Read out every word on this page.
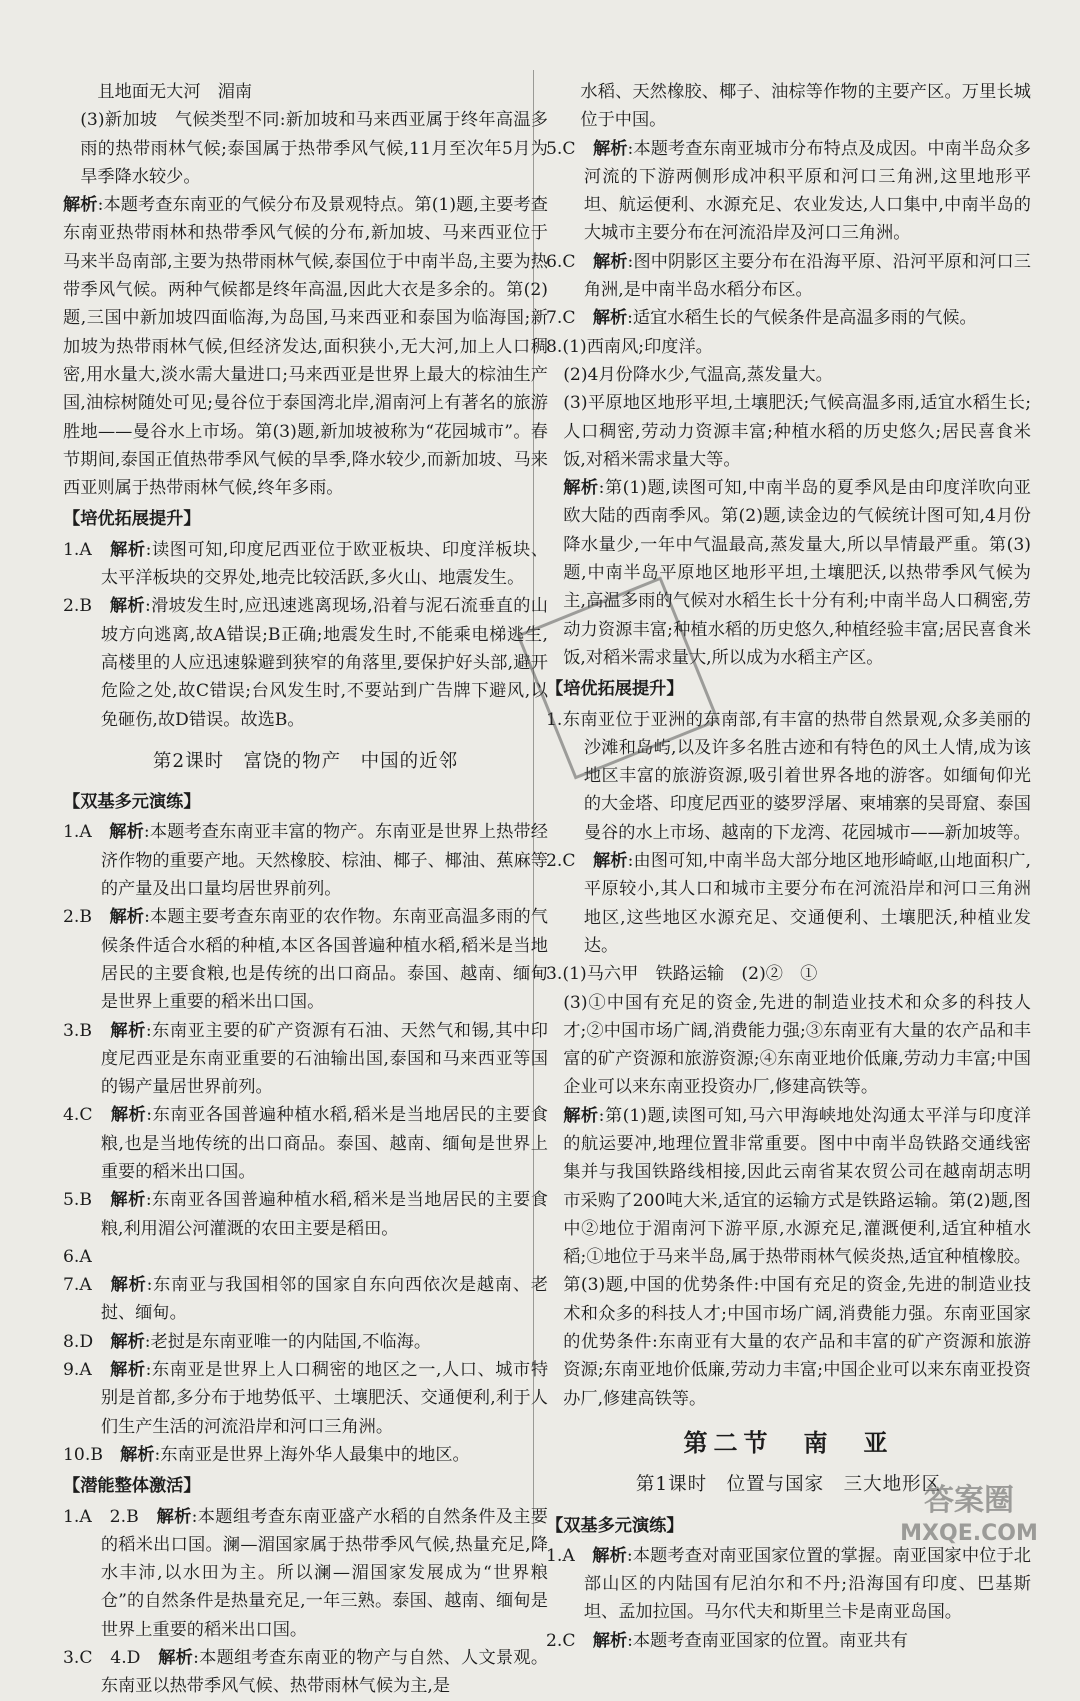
且地面无大河　湄南

(3)新加坡　气候类型不同:新加坡和马来西亚属于终年高温多雨的热带雨林气候;泰国属于热带季风气候,11月至次年5月为旱季降水较少。

解析:本题考查东南亚的气候分布及景观特点。第(1)题,主要考查东南亚热带雨林和热带季风气候的分布,新加坡、马来西亚位于马来半岛南部,主要为热带雨林气候,泰国位于中南半岛,主要为热带季风气候。两种气候都是终年高温,因此大衣是多余的。第(2)题,三国中新加坡四面临海,为岛国,马来西亚和泰国为临海国;新加坡为热带雨林气候,但经济发达,面积狭小,无大河,加上人口稠密,用水量大,淡水需大量进口;马来西亚是世界上最大的棕油生产国,油棕树随处可见;曼谷位于泰国湾北岸,湄南河上有著名的旅游胜地——曼谷水上市场。第(3)题,新加坡被称为“花园城市”。春节期间,泰国正值热带季风气候的旱季,降水较少,而新加坡、马来西亚则属于热带雨林气候,终年多雨。

【培优拓展提升】

1.A　解析:读图可知,印度尼西亚位于欧亚板块、印度洋板块、太平洋板块的交界处,地壳比较活跃,多火山、地震发生。

2.B　解析:滑坡发生时,应迅速逃离现场,沿着与泥石流垂直的山坡方向逃离,故A错误;B正确;地震发生时,不能乘电梯逃生,高楼里的人应迅速躲避到狭窄的角落里,要保护好头部,避开危险之处,故C错误;台风发生时,不要站到广告牌下避风,以免砸伤,故D错误。故选B。

第2课时　富饶的物产　中国的近邻

【双基多元演练】

1.A　解析:本题考查东南亚丰富的物产。东南亚是世界上热带经济作物的重要产地。天然橡胶、棕油、椰子、椰油、蕉麻等的产量及出口量均居世界前列。

2.B　解析:本题主要考查东南亚的农作物。东南亚高温多雨的气候条件适合水稻的种植,本区各国普遍种植水稻,稻米是当地居民的主要食粮,也是传统的出口商品。泰国、越南、缅甸是世界上重要的稻米出口国。

3.B　解析:东南亚主要的矿产资源有石油、天然气和锡,其中印度尼西亚是东南亚重要的石油输出国,泰国和马来西亚等国的锡产量居世界前列。

4.C　解析:东南亚各国普遍种植水稻,稻米是当地居民的主要食粮,也是当地传统的出口商品。泰国、越南、缅甸是世界上重要的稻米出口国。

5.B　解析:东南亚各国普遍种植水稻,稻米是当地居民的主要食粮,利用湄公河灌溉的农田主要是稻田。

6.A

7.A　解析:东南亚与我国相邻的国家自东向西依次是越南、老挝、缅甸。

8.D　解析:老挝是东南亚唯一的内陆国,不临海。

9.A　解析:东南亚是世界上人口稠密的地区之一,人口、城市特别是首都,多分布于地势低平、土壤肥沃、交通便利,利于人们生产生活的河流沿岸和河口三角洲。

10.B　解析:东南亚是世界上海外华人最集中的地区。

【潜能整体激活】

1.A　2.B　解析:本题组考查东南亚盛产水稻的自然条件及主要的稻米出口国。澜—湄国家属于热带季风气候,热量充足,降水丰沛,以水田为主。所以澜—湄国家发展成为“世界粮仓”的自然条件是热量充足,一年三熟。泰国、越南、缅甸是世界上重要的稻米出口国。

3.C　4.D　解析:本题组考查东南亚的物产与自然、人文景观。东南亚以热带季风气候、热带雨林气候为主,是

水稻、天然橡胶、椰子、油棕等作物的主要产区。万里长城位于中国。

5.C　解析:本题考查东南亚城市分布特点及成因。中南半岛众多河流的下游两侧形成冲积平原和河口三角洲,这里地形平坦、航运便利、水源充足、农业发达,人口集中,中南半岛的大城市主要分布在河流沿岸及河口三角洲。

6.C　解析:图中阴影区主要分布在沿海平原、沿河平原和河口三角洲,是中南半岛水稻分布区。

7.C　解析:适宜水稻生长的气候条件是高温多雨的气候。

8.(1)西南风;印度洋。

(2)4月份降水少,气温高,蒸发量大。

(3)平原地区地形平坦,土壤肥沃;气候高温多雨,适宜水稻生长;人口稠密,劳动力资源丰富;种植水稻的历史悠久;居民喜食米饭,对稻米需求量大等。

解析:第(1)题,读图可知,中南半岛的夏季风是由印度洋吹向亚欧大陆的西南季风。第(2)题,读金边的气候统计图可知,4月份降水量少,一年中气温最高,蒸发量大,所以旱情最严重。第(3)题,中南半岛平原地区地形平坦,土壤肥沃,以热带季风气候为主,高温多雨的气候对水稻生长十分有利;中南半岛人口稠密,劳动力资源丰富;种植水稻的历史悠久,种植经验丰富;居民喜食米饭,对稻米需求量大,所以成为水稻主产区。

【培优拓展提升】

1.东南亚位于亚洲的东南部,有丰富的热带自然景观,众多美丽的沙滩和岛屿,以及许多名胜古迹和有特色的风土人情,成为该地区丰富的旅游资源,吸引着世界各地的游客。如缅甸仰光的大金塔、印度尼西亚的婆罗浮屠、柬埔寨的吴哥窟、泰国曼谷的水上市场、越南的下龙湾、花园城市——新加坡等。

2.C　解析:由图可知,中南半岛大部分地区地形崎岖,山地面积广,平原较小,其人口和城市主要分布在河流沿岸和河口三角洲地区,这些地区水源充足、交通便利、土壤肥沃,种植业发达。

3.(1)马六甲　铁路运输　(2)②　①

(3)①中国有充足的资金,先进的制造业技术和众多的科技人才;②中国市场广阔,消费能力强;③东南亚有大量的农产品和丰富的矿产资源和旅游资源;④东南亚地价低廉,劳动力丰富;中国企业可以来东南亚投资办厂,修建高铁等。

解析:第(1)题,读图可知,马六甲海峡地处沟通太平洋与印度洋的航运要冲,地理位置非常重要。图中中南半岛铁路交通线密集并与我国铁路线相接,因此云南省某农贸公司在越南胡志明市采购了200吨大米,适宜的运输方式是铁路运输。第(2)题,图中②地位于湄南河下游平原,水源充足,灌溉便利,适宜种植水稻;①地位于马来半岛,属于热带雨林气候炎热,适宜种植橡胶。第(3)题,中国的优势条件:中国有充足的资金,先进的制造业技术和众多的科技人才;中国市场广阔,消费能力强。东南亚国家的优势条件:东南亚有大量的农产品和丰富的矿产资源和旅游资源;东南亚地价低廉,劳动力丰富;中国企业可以来东南亚投资办厂,修建高铁等。

第二节　南　亚

第1课时　位置与国家　三大地形区

【双基多元演练】

1.A　解析:本题考查对南亚国家位置的掌握。南亚国家中位于北部山区的内陆国有尼泊尔和不丹;沿海国有印度、巴基斯坦、孟加拉国。马尔代夫和斯里兰卡是南亚岛国。

2.C　解析:本题考查南亚国家的位置。南亚共有

答案圈
MXQE.COM
